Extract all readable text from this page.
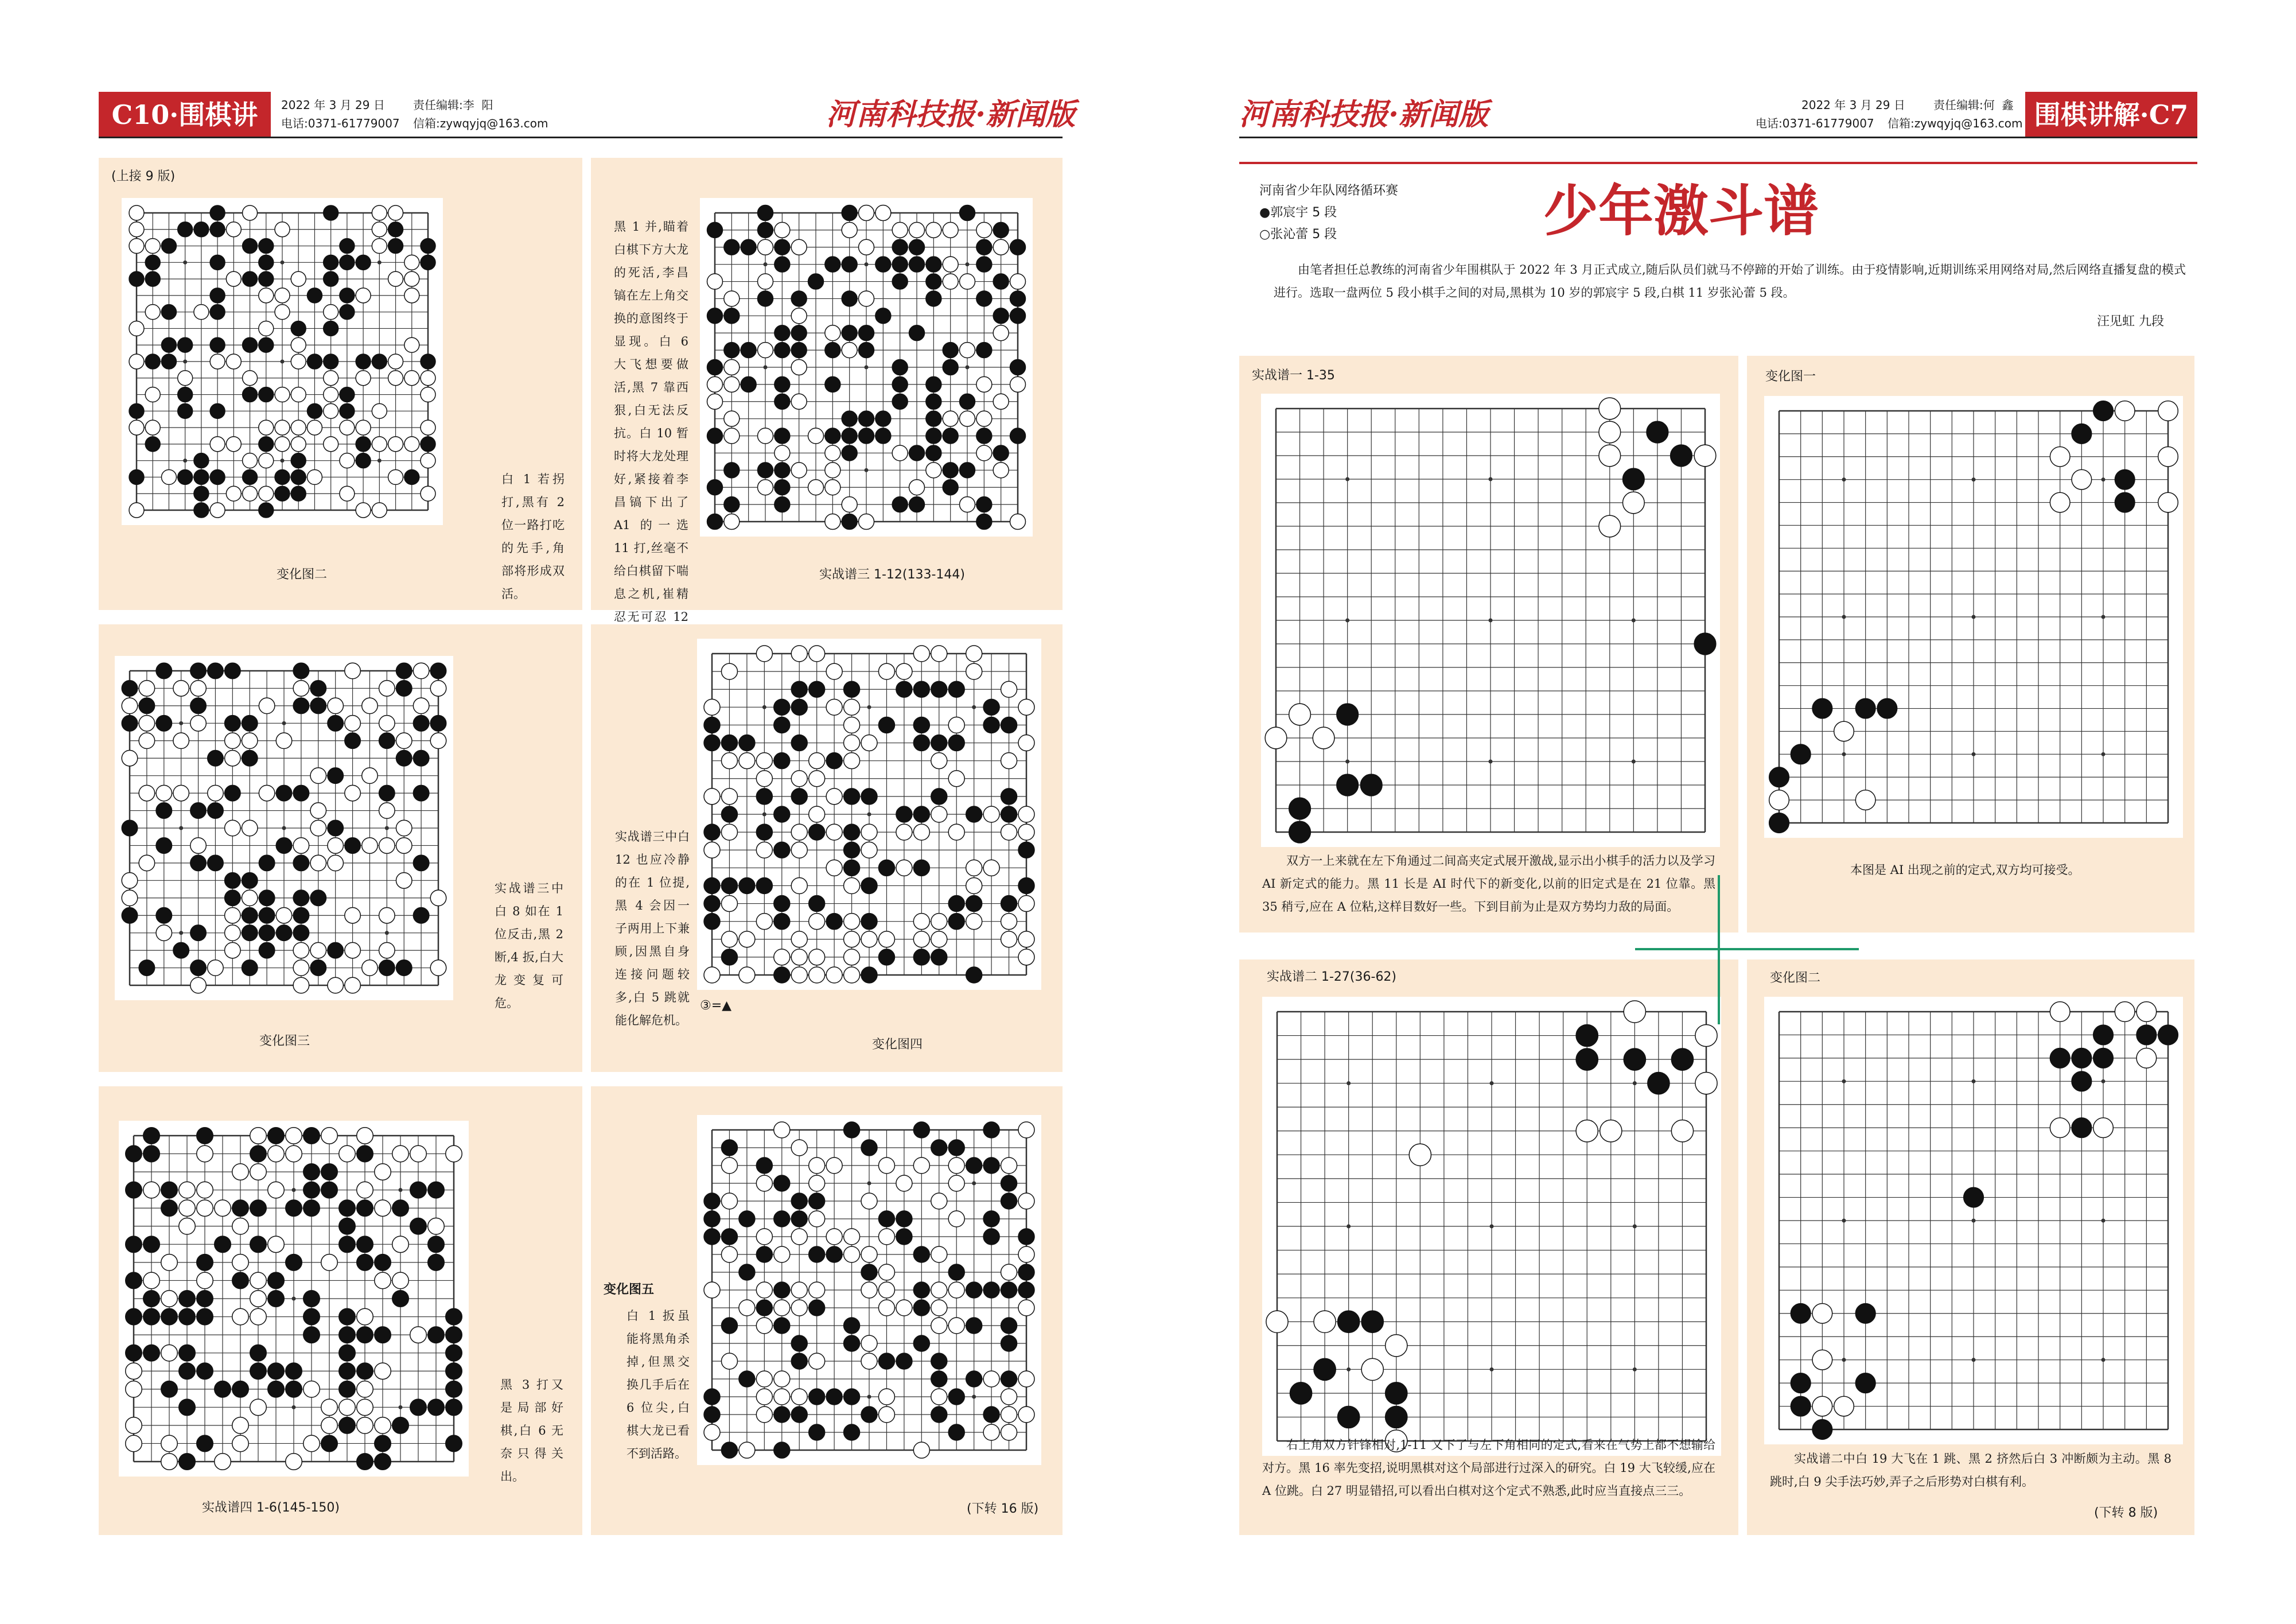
C10·围棋讲	2022 年 3 月 29 日 责任编辑:李  阳
电话:0371-61779007 信箱:zywqyjq@163.com	河南科技报·新闻版
(上接 9 版)
白 1 若拐打,黑有 2 位一路打吃的先手,角部将形成双活。
变化图二
黑 1 并,瞄着白棋下方大龙的死活,李昌镐在左上角交换的意图终于显现。白 6 大飞想要做活,黑 7 靠西狠,白无法反抗。白 10 暂时将大龙处理好,紧接着李昌镐下出了 A1 的一选 11 打,丝毫不给白棋留下喘息之机,崔精忍无可忍 12
实战谱三 1-12(133-144)
实战谱三中白 8 如在 1 位反击,黑 2 断,4 扳,白大龙变复可危。
变化图三
实战谱三中白 12 也应冷静的在 1 位提,黑 4 会因一子两用上下兼顾,因黑自身连接问题较多,白 5 跳就能化解危机。
③=▲
变化图四
黑 3 打又是局部好棋,白 6 无奈只得关出。
实战谱四 1-6(145-150)
变化图五
白 1 扳虽能将黑角杀掉,但黑交换几手后在 6 位尖,白棋大龙已看不到活路。
(下转 16 版)
河南科技报·新闻版	2022 年 3 月 29 日 责任编辑:何  鑫
电话:0371-61779007 信箱:zywqyjq@163.com 围棋讲解·C7
河南省少年队网络循环赛
●郭宸宇 5 段
○张沁蕾 5 段	少年激斗谱
由笔者担任总教练的河南省少年围棋队于 2022 年 3 月正式成立,随后队员们就马不停蹄的开始了训练。由于疫情影响,近期训练采用网络对局,然后网络直播复盘的模式进行。选取一盘两位 5 段小棋手之间的对局,黑棋为 10 岁的郭宸宇 5 段,白棋 11 岁张沁蕾 5 段。
汪见虹 九段
实战谱一 1-35
双方一上来就在左下角通过二间高夹定式展开激战,显示出小棋手的活力以及学习 AI 新定式的能力。黑 11 长是 AI 时代下的新变化,以前的旧定式是在 21 位靠。黑 35 稍亏,应在 A 位粘,这样目数好一些。下到目前为止是双方势均力敌的局面。
变化图一
本图是 AI 出现之前的定式,双方均可接受。
实战谱二 1-27(36-62)
右上角双方针锋相对,1-11 又下了与左下角相同的定式,看来在气势上都不想输给对方。黑 16 率先变招,说明黑棋对这个局部进行过深入的研究。白 19 大飞较缓,应在 A 位跳。白 27 明显错招,可以看出白棋对这个定式不熟悉,此时应当直接点三三。
变化图二
实战谱二中白 19 大飞在 1 跳、黑 2 挤然后白 3 冲断颇为主动。黑 8 跳时,白 9 尖手法巧妙,弄子之后形势对白棋有利。
(下转 8 版)
